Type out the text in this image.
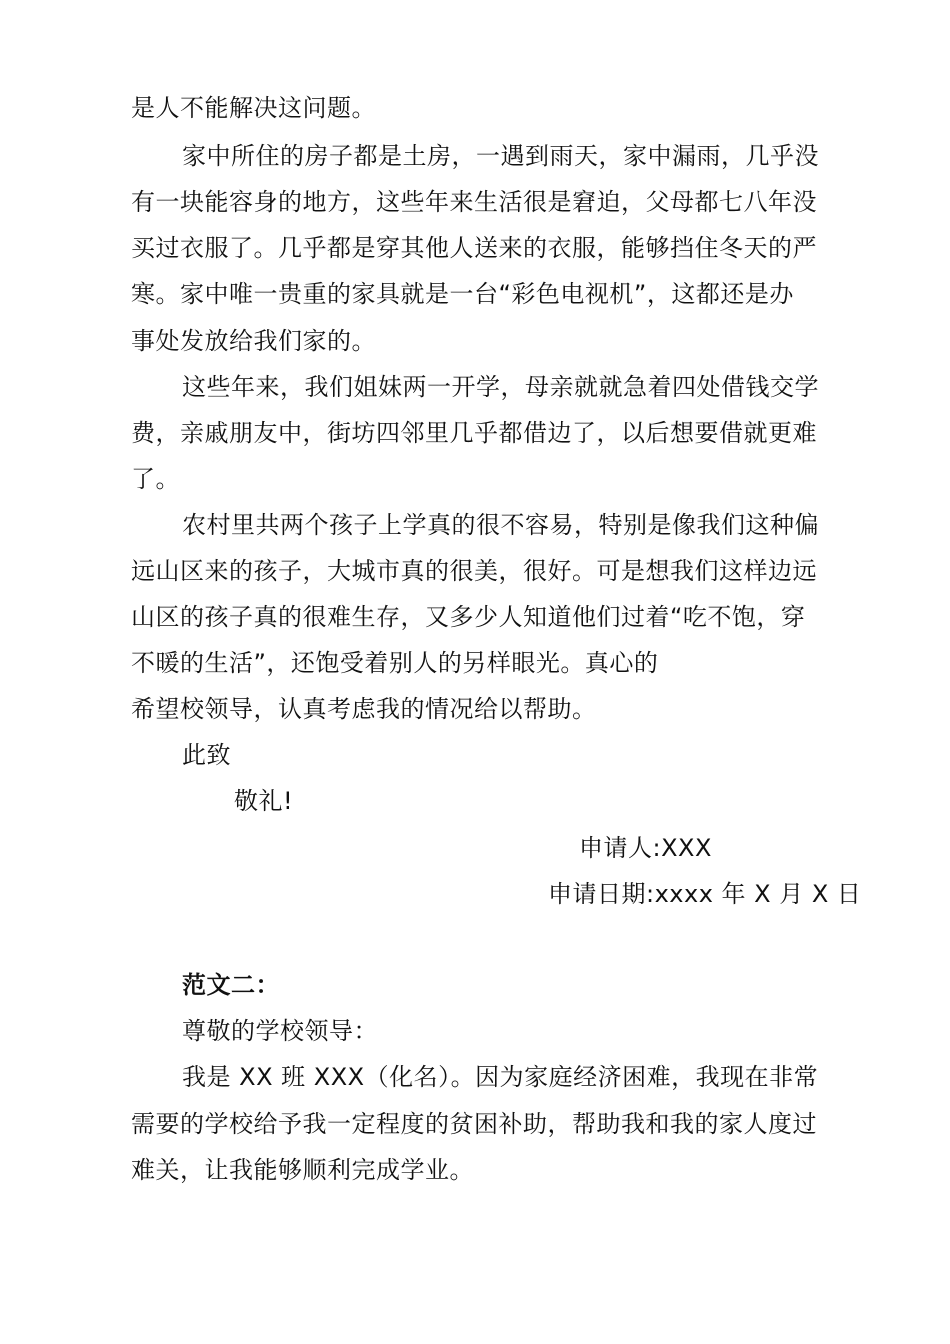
是人不能解决这问题。
家中所住的房子都是土房，一遇到雨天，家中漏雨，几乎没
有一块能容身的地方，这些年来生活很是窘迫，父母都七八年没
买过衣服了。几乎都是穿其他人送来的衣服，能够挡住冬天的严
寒。家中唯一贵重的家具就是一台“彩色电视机”，这都还是办
事处发放给我们家的。
这些年来，我们姐妹两一开学，母亲就就急着四处借钱交学
费，亲戚朋友中，街坊四邻里几乎都借边了，以后想要借就更难
了。
农村里共两个孩子上学真的很不容易，特别是像我们这种偏
远山区来的孩子，大城市真的很美，很好。可是想我们这样边远
山区的孩子真的很难生存，又多少人知道他们过着“吃不饱，穿
不暖的生活”，还饱受着别人的另样眼光。真心的
希望校领导，认真考虑我的情况给以帮助。
此致
敬礼!
申请人:XXX
申请日期:xxxx 年 X 月 X 日
范文二：
尊敬的学校领导：
我是 XX 班 XXX（化名）。因为家庭经济困难，我现在非常
需要的学校给予我一定程度的贫困补助，帮助我和我的家人度过
难关，让我能够顺利完成学业。
